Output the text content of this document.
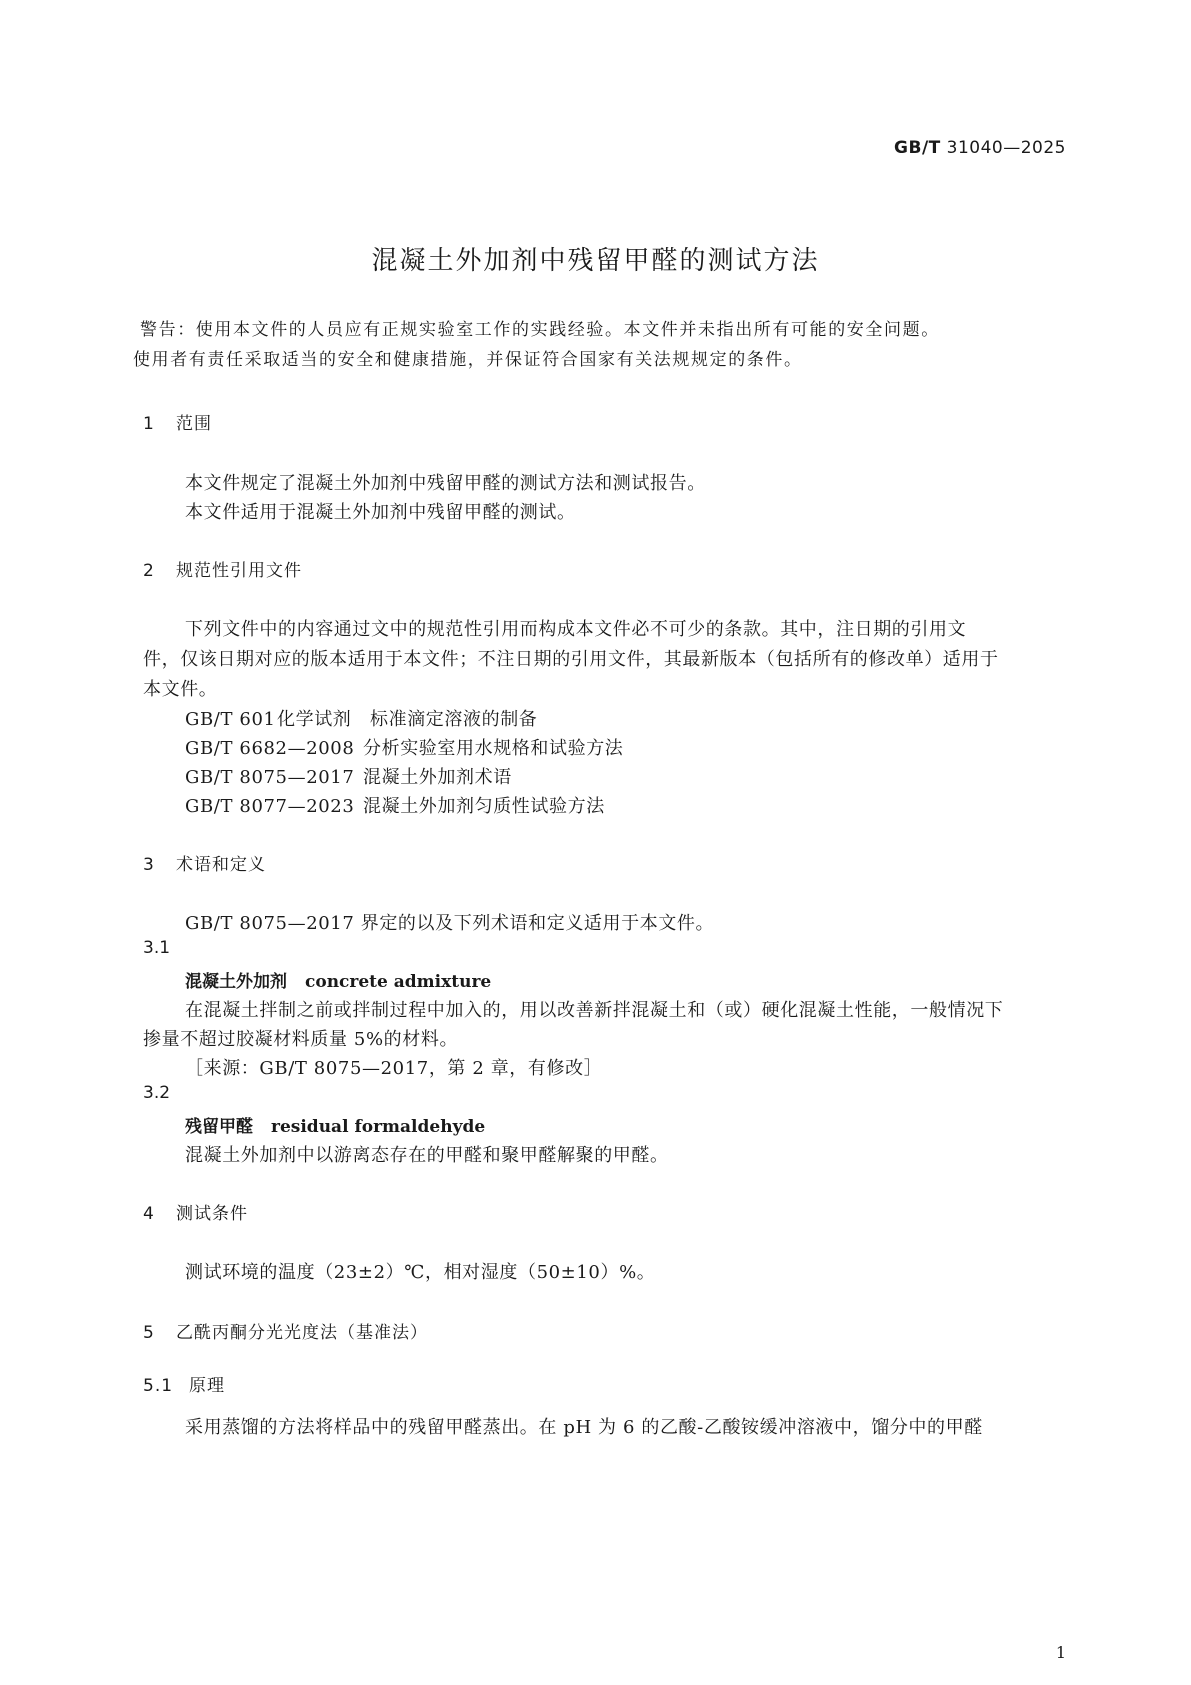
GB/T 31040—2025
混凝土外加剂中残留甲醛的测试方法
警告：使用本文件的人员应有正规实验室工作的实践经验。本文件并未指出所有可能的安全问题。
使用者有责任采取适当的安全和健康措施，并保证符合国家有关法规规定的条件。
1 范围
本文件规定了混凝土外加剂中残留甲醛的测试方法和测试报告。
本文件适用于混凝土外加剂中残留甲醛的测试。
2 规范性引用文件
下列文件中的内容通过文中的规范性引用而构成本文件必不可少的条款。其中，注日期的引用文
件，仅该日期对应的版本适用于本文件；不注日期的引用文件，其最新版本（包括所有的修改单）适用于
本文件。
GB/T 601化学试剂　标准滴定溶液的制备
GB/T 6682—2008 分析实验室用水规格和试验方法
GB/T 8075—2017 混凝土外加剂术语
GB/T 8077—2023 混凝土外加剂匀质性试验方法
3 术语和定义
GB/T 8075—2017 界定的以及下列术语和定义适用于本文件。
3.1
混凝土外加剂 concrete admixture
在混凝土拌制之前或拌制过程中加入的，用以改善新拌混凝土和（或）硬化混凝土性能，一般情况下
掺量不超过胶凝材料质量 5%的材料。
［来源：GB/T 8075—2017，第 2 章，有修改］
3.2
残留甲醛 residual formaldehyde
混凝土外加剂中以游离态存在的甲醛和聚甲醛解聚的甲醛。
4 测试条件
测试环境的温度（23±2）℃，相对湿度（50±10）%。
5 乙酰丙酮分光光度法（基准法）
5.1 原理
采用蒸馏的方法将样品中的残留甲醛蒸出。在 pH 为 6 的乙酸-乙酸铵缓冲溶液中，馏分中的甲醛
1
